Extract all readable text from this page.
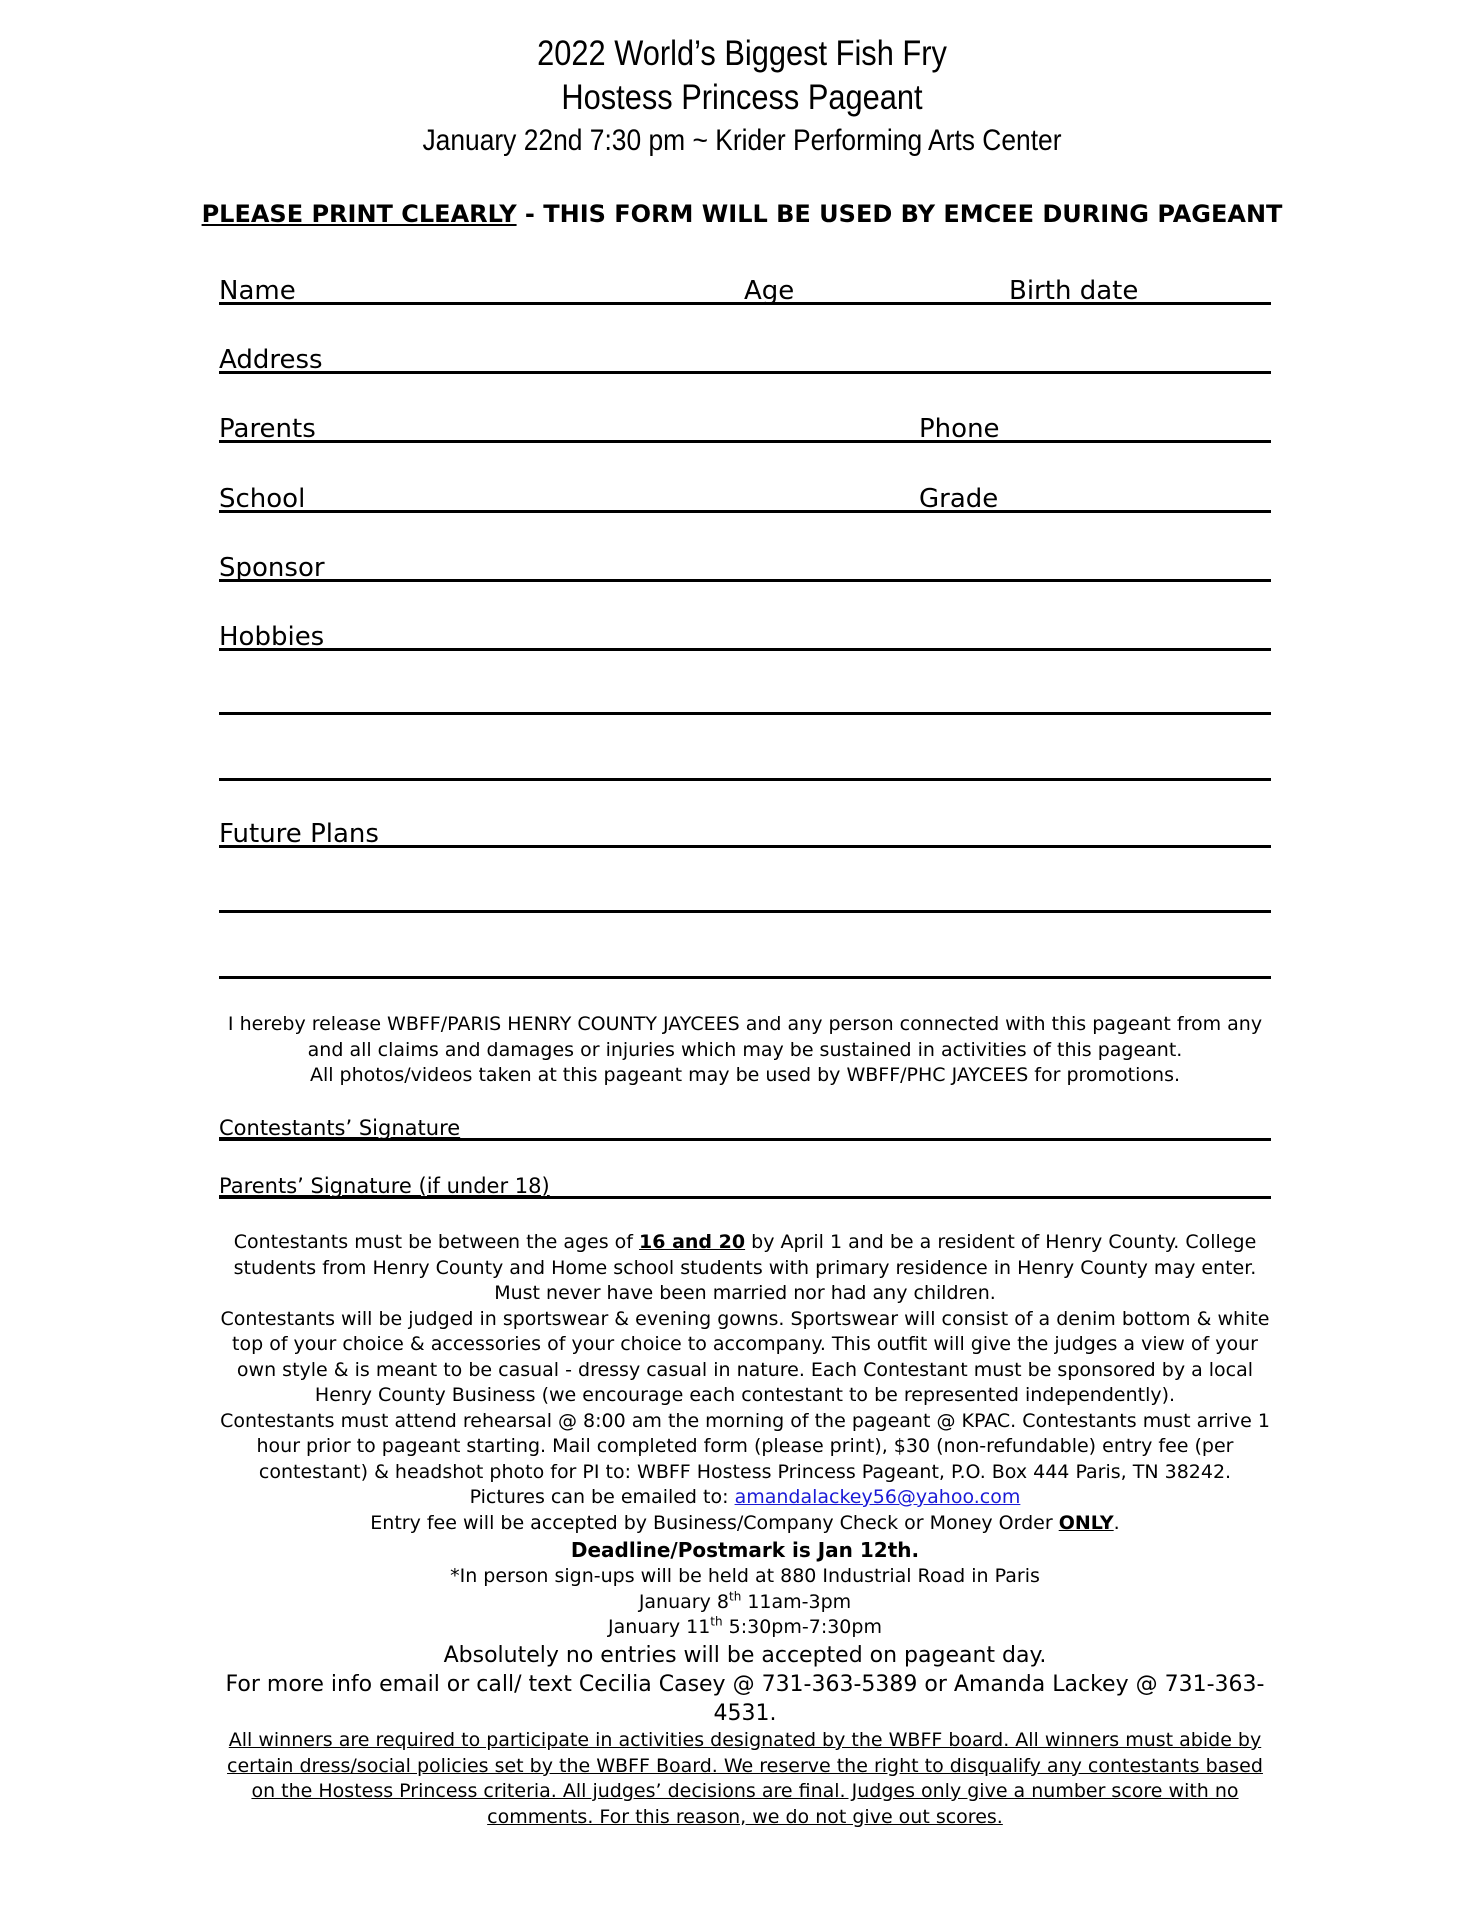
2022 World’s Biggest Fish Fry
Hostess Princess Pageant
January 22nd 7:30 pm ~ Krider Performing Arts Center
PLEASE PRINT CLEARLY - THIS FORM WILL BE USED BY EMCEE DURING PAGEANT
Name	Age	Birth date
Address
Parents	Phone
School	Grade
Sponsor
Hobbies
Future Plans
I hereby release WBFF/PARIS HENRY COUNTY JAYCEES and any person connected with this pageant from any
and all claims and damages or injuries which may be sustained in activities of this pageant.
All photos/videos taken at this pageant may be used by WBFF/PHC JAYCEES for promotions.
Contestants’ Signature
Parents’ Signature (if under 18)

Contestants must be between the ages of 16 and 20 by April 1 and be a resident of Henry County. College students from Henry County and Home school students with primary residence in Henry County may enter. Must never have been married nor had any children.

Contestants will be judged in sportswear & evening gowns. Sportswear will consist of a denim bottom & white top of your choice & accessories of your choice to accompany. This outfit will give the judges a view of your own style & is meant to be casual - dressy casual in nature. Each Contestant must be sponsored by a local Henry County Business (we encourage each contestant to be represented independently).

Contestants must attend rehearsal @ 8:00 am the morning of the pageant @ KPAC. Contestants must arrive 1 hour prior to pageant starting. Mail completed form (please print), $30 (non-refundable) entry fee (per contestant) & headshot photo for PI to: WBFF Hostess Princess Pageant, P.O. Box 444 Paris, TN 38242. Pictures can be emailed to: amandalackey56@yahoo.com

Entry fee will be accepted by Business/Company Check or Money Order ONLY.

Deadline/Postmark is Jan 12th.

*In person sign-ups will be held at 880 Industrial Road in Paris

January 8th 11am-3pm

January 11th 5:30pm-7:30pm

Absolutely no entries will be accepted on pageant day.

For more info email or call/ text Cecilia Casey @ 731-363-5389 or Amanda Lackey @ 731-363-4531.

All winners are required to participate in activities designated by the WBFF board. All winners must abide by certain dress/social policies set by the WBFF Board. We reserve the right to disqualify any contestants based on the Hostess Princess criteria. All judges’ decisions are final. Judges only give a number score with no comments. For this reason, we do not give out scores.
